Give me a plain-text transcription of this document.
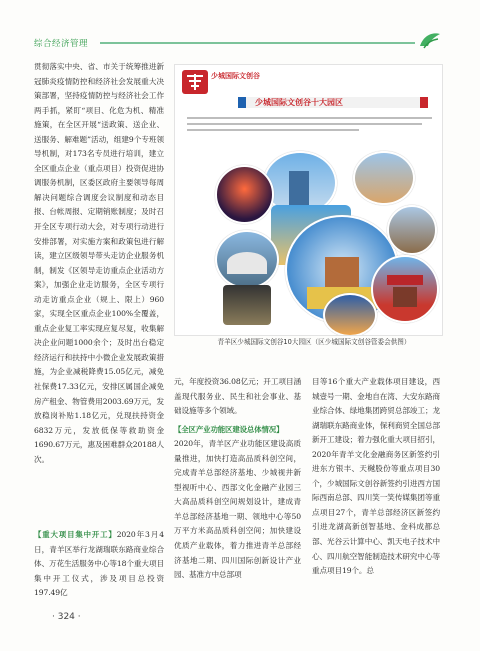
综合经济管理
贯彻落实中央、省、市关于统筹推进新冠肺炎疫情防控和经济社会发展重大决策部署，坚持疫情防控与经济社会工作两手抓，紧盯“项目、化危为机、精准施策，在全区开展“送政策、送企业、送服务、解难题”活动，组建9个专班领导机制，对173名专员进行培训，建立全区重点企业（重点项目）投资促进协调服务机制，区委区政府主要领导每周解决问题综合调度会议制度和动态目报、台帐周报、定期销账制度；及时召开全区专项行动大会，对专项行动进行安排部署，对实施方案和政策包进行解读，建立区级领导带头走访企业服务机制，制发《区领导走访重点企业活动方案》，加强企业走访服务，全区专项行动走访重点企业（规上、限上）960家，实现全区重点企业100%全覆盖，重点企业复工率实现应复尽复，收集解决企业问题1000余个；及时出台稳定经济运行和扶持中小微企业发展政策措施，为企业减税降费15.05亿元，减免社保费17.33亿元，安排区属国企减免房产租金、物管费用2003.69万元，发放稳岗补贴1.18亿元，兑现扶持资金6832万元，发放低保等救助资金1690.67万元，惠及困难群众20188人次。
【重大项目集中开工】2020年3月4日，青羊区举行龙湖瑞联东路商业综合体、万花生活服务中心等18个重大项目集中开工仪式，涉及项目总投资197.49亿
元，年度投资36.08亿元；开工项目涵盖现代服务业、民生和社会事业、基础设施等多个领域。
【全区产业功能区建设总体情况】
2020年，青羊区产业功能区建设高质量推进，加快打造高品质科创空间，完成青羊总部经济基地、少城视井新型视听中心、西部文化金融产业园三大高品质科创空间规划设计，建成青羊总部经济基地一期、领地中心等50万平方米高品质科创空间；加快建设优质产业载体，着力推进青羊总部经济基地二期、四川国际创新设计产业园、基准方中总部项
目等16个重大产业载体项目建设，西城壹号一期、金地自在湾、大安东路商业综合体、绿地集团跨贸总部竣工；龙湖瑞联东路商业体，保利商贸全国总部新开工建设；着力强化重大项目招引，2020年青羊文化金融商务区新签约引进东方银丰、天樾股份等重点项目30个，少城国际文创谷新签约引进西方国际西南总部、四川笑一笑传媒集团等重点项目27个，青羊总部经济区新签约引进龙湖高新创智基地、金科成都总部、光谷云计算中心、凯天电子技术中心、四川航空智能制造技术研究中心等重点项目19个。总
少城国际文创谷
少城国际文创谷十大园区
青羊区少城国际文创谷10大园区（区少城国际文创谷管委会供图）
· 324 ·
